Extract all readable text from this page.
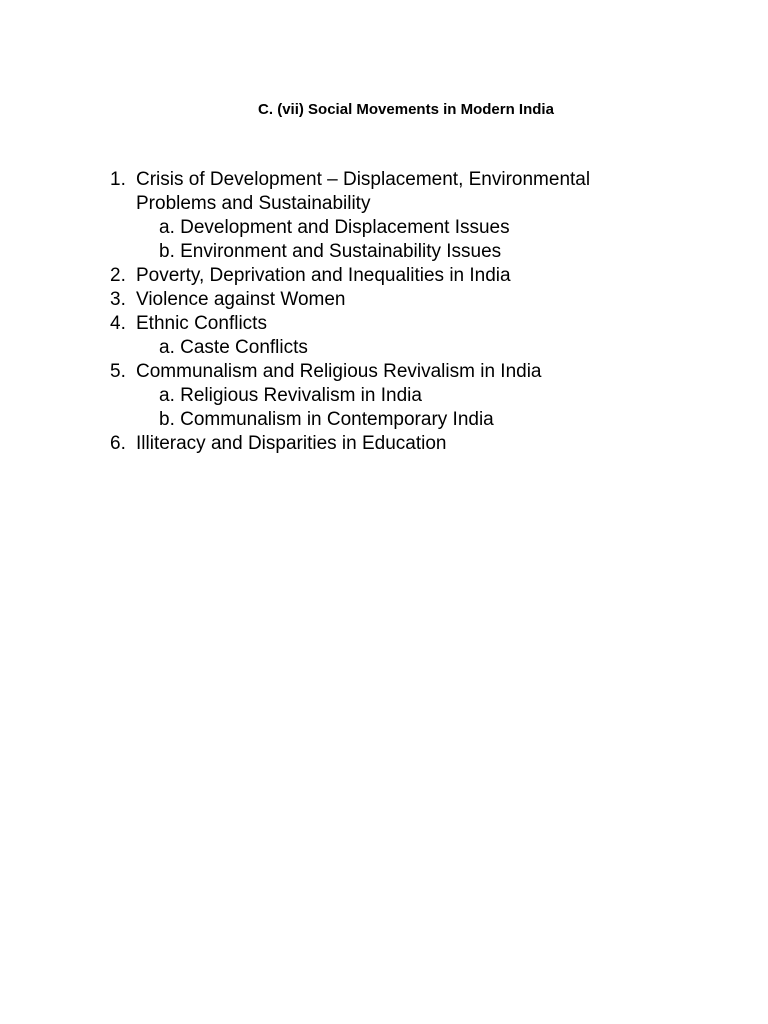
C. (vii) Social Movements in Modern India
1. Crisis of Development – Displacement, Environmental Problems and Sustainability
a. Development and Displacement Issues
b. Environment and Sustainability Issues
2. Poverty, Deprivation and Inequalities in India
3. Violence against Women
4. Ethnic Conflicts
a. Caste Conflicts
5. Communalism and Religious Revivalism in India
a. Religious Revivalism in India
b. Communalism in Contemporary India
6. Illiteracy and Disparities in Education
